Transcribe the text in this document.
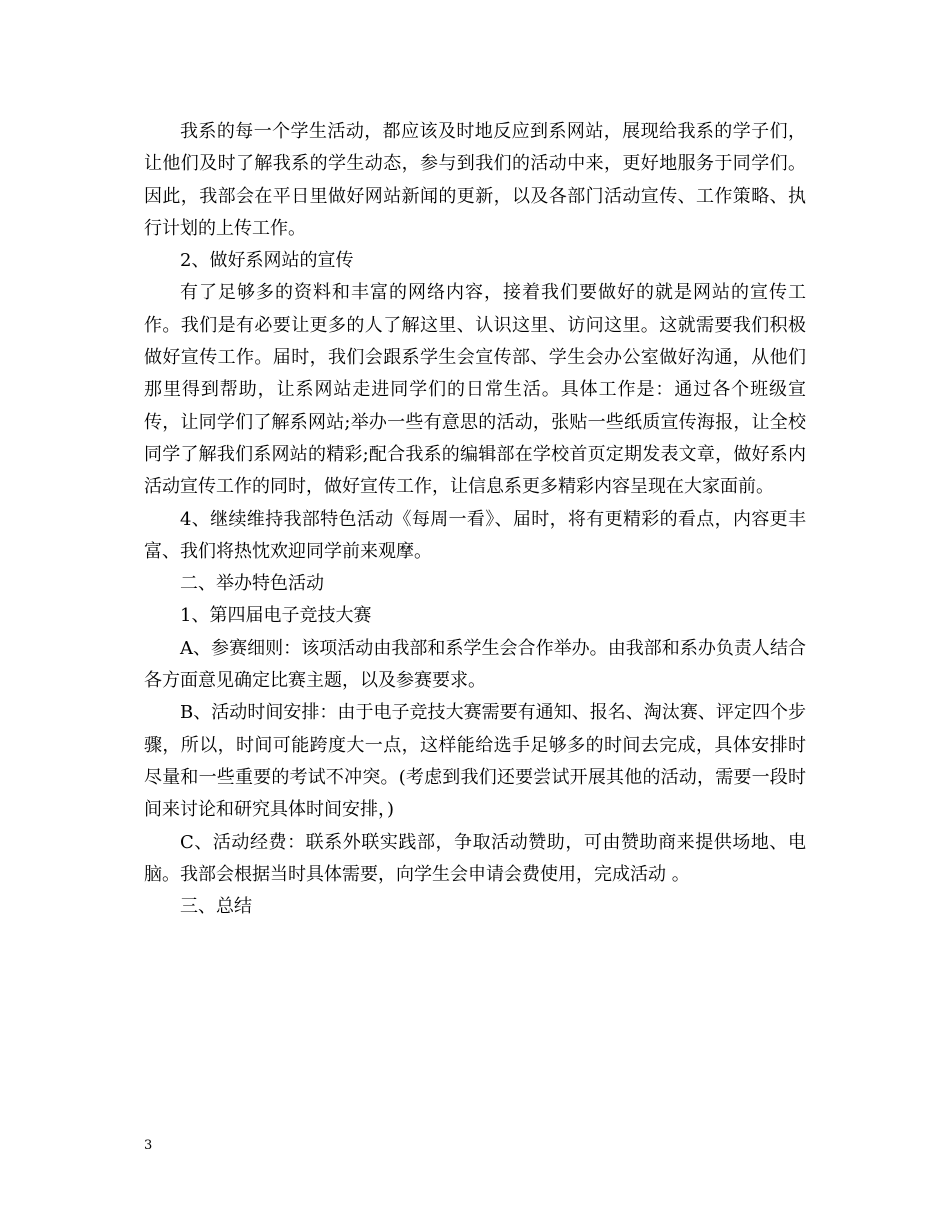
我系的每一个学生活动，都应该及时地反应到系网站，展现给我系的学子们，让他们及时了解我系的学生动态，参与到我们的活动中来，更好地服务于同学们。因此，我部会在平日里做好网站新闻的更新，以及各部门活动宣传、工作策略、执行计划的上传工作。

2、做好系网站的宣传

有了足够多的资料和丰富的网络内容，接着我们要做好的就是网站的宣传工作。我们是有必要让更多的人了解这里、认识这里、访问这里。这就需要我们积极做好宣传工作。届时，我们会跟系学生会宣传部、学生会办公室做好沟通，从他们那里得到帮助，让系网站走进同学们的日常生活。具体工作是：通过各个班级宣传，让同学们了解系网站;举办一些有意思的活动，张贴一些纸质宣传海报，让全校同学了解我们系网站的精彩;配合我系的编辑部在学校首页定期发表文章，做好系内活动宣传工作的同时，做好宣传工作，让信息系更多精彩内容呈现在大家面前。

4、继续维持我部特色活动《每周一看》、届时，将有更精彩的看点，内容更丰富、我们将热忱欢迎同学前来观摩。

二、举办特色活动

1、第四届电子竞技大赛

A、参赛细则：该项活动由我部和系学生会合作举办。由我部和系办负责人结合各方面意见确定比赛主题，以及参赛要求。

B、活动时间安排：由于电子竞技大赛需要有通知、报名、淘汰赛、评定四个步骤，所以，时间可能跨度大一点，这样能给选手足够多的时间去完成，具体安排时尽量和一些重要的考试不冲突。(考虑到我们还要尝试开展其他的活动，需要一段时间来讨论和研究具体时间安排，)

C、活动经费：联系外联实践部，争取活动赞助，可由赞助商来提供场地、电脑。我部会根据当时具体需要，向学生会申请会费使用，完成活动 。

三、总结

3
